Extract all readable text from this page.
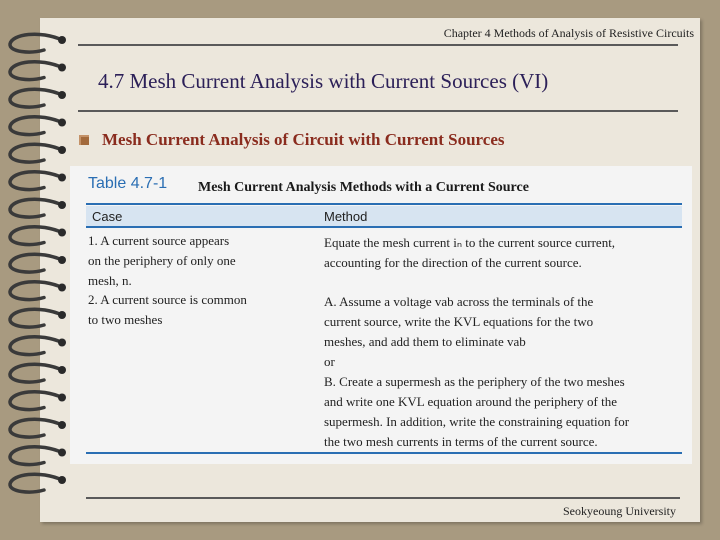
Chapter 4 Methods of Analysis of Resistive Circuits
4.7 Mesh Current Analysis with Current Sources (VI)
Mesh Current Analysis of Circuit with Current Sources
Table 4.7-1 Mesh Current Analysis Methods with a Current Source
Case	Method
1. A current source appears
on the periphery of only one
mesh, n.
2. A current source is common
to two meshes
Equate the mesh current iₙ to the current source current,
accounting for the direction of the current source.
A. Assume a voltage vab across the terminals of the
current source, write the KVL equations for the two
meshes, and add them to eliminate vab
or
B. Create a supermesh as the periphery of the two meshes
and write one KVL equation around the periphery of the
supermesh. In addition, write the constraining equation for
the two mesh currents in terms of the current source.
Seokyeoung University
